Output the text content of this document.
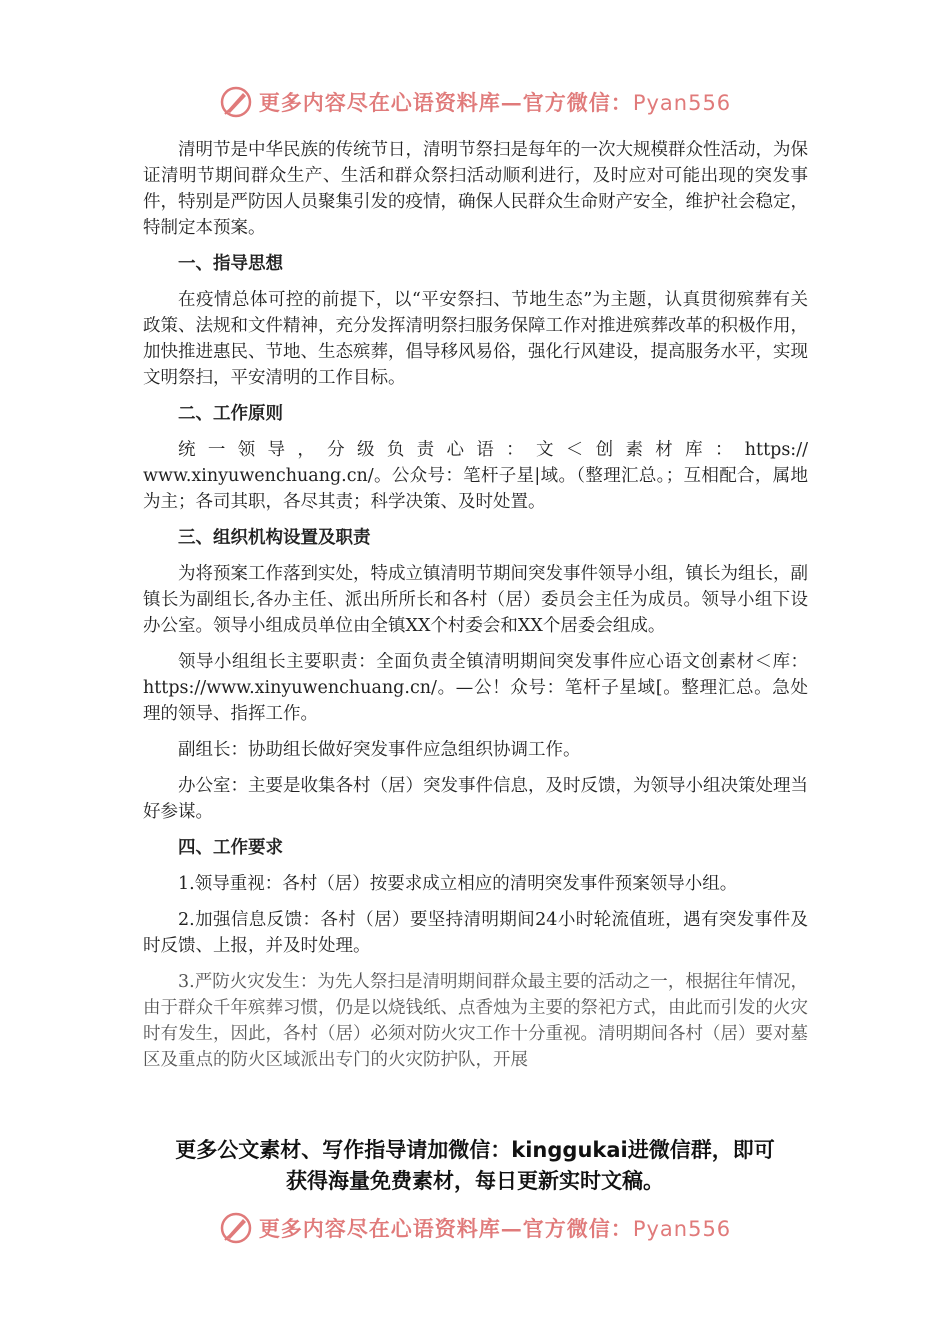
更多内容尽在心语资料库—官方微信：Pyan556

清明节是中华民族的传统节日，清明节祭扫是每年的一次大规模群众性活动，为保证清明节期间群众生产、生活和群众祭扫活动顺利进行，及时应对可能出现的突发事件，特别是严防因人员聚集引发的疫情，确保人民群众生命财产安全，维护社会稳定，特制定本预案。

一、指导思想

在疫情总体可控的前提下，以“平安祭扫、节地生态”为主题，认真贯彻殡葬有关政策、法规和文件精神，充分发挥清明祭扫服务保障工作对推进殡葬改革的积极作用，加快推进惠民、节地、生态殡葬，倡导移风易俗，强化行风建设，提高服务水平，实现文明祭扫，平安清明的工作目标。

二、工作原则

统一领导，分级负责心语：文＜创素材库：https://

www.xinyuwenchuang.cn/。公众号：笔杆子星|域。（整理汇总。；互相配合，属地为主；各司其职，各尽其责；科学决策、及时处置。

三、组织机构设置及职责

为将预案工作落到实处，特成立镇清明节期间突发事件领导小组，镇长为组长，副镇长为副组长,各办主任、派出所所长和各村（居）委员会主任为成员。领导小组下设办公室。领导小组成员单位由全镇XX个村委会和XX个居委会组成。

领导小组组长主要职责：全面负责全镇清明期间突发事件应心语文创素材＜库：https://www.xinyuwenchuang.cn/。—公！众号：笔杆子星域[。整理汇总。急处理的领导、指挥工作。

副组长：协助组长做好突发事件应急组织协调工作。

办公室：主要是收集各村（居）突发事件信息，及时反馈，为领导小组决策处理当好参谋。

四、工作要求

1.领导重视：各村（居）按要求成立相应的清明突发事件预案领导小组。

2.加强信息反馈：各村（居）要坚持清明期间24小时轮流值班，遇有突发事件及时反馈、上报，并及时处理。

3.严防火灾发生：为先人祭扫是清明期间群众最主要的活动之一，根据往年情况，由于群众千年殡葬习惯，仍是以烧钱纸、点香烛为主要的祭祀方式，由此而引发的火灾时有发生，因此，各村（居）必须对防火灾工作十分重视。清明期间各村（居）要对墓区及重点的防火区域派出专门的火灾防护队，开展

更多公文素材、写作指导请加微信：kinggukai进微信群，即可
获得海量免费素材，每日更新实时文稿。
更多内容尽在心语资料库—官方微信：Pyan556
